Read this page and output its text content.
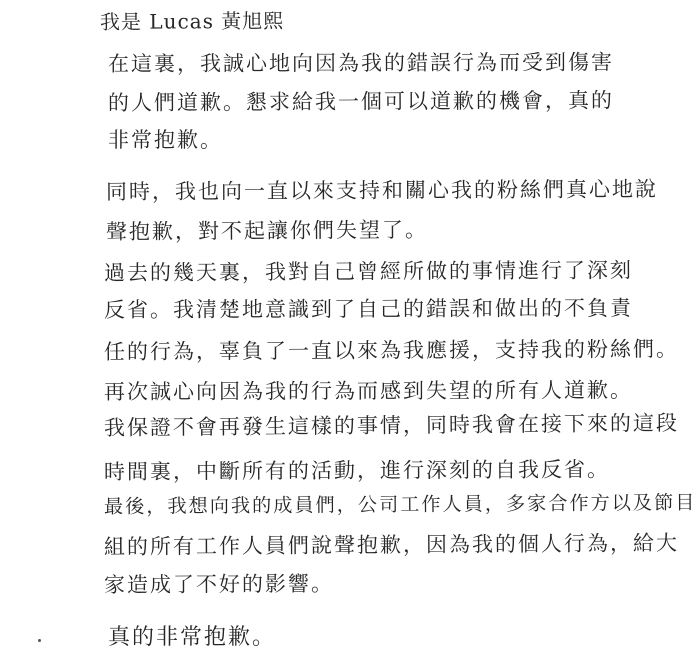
我是 Lucas 黃旭熙
在這裏，我誠心地向因為我的錯誤行為而受到傷害
的人們道歉。懇求給我一個可以道歉的機會，真的
非常抱歉。
同時，我也向一直以來支持和關心我的粉絲們真心地說
聲抱歉，對不起讓你們失望了。
過去的幾天裏，我對自己曾經所做的事情進行了深刻
反省。我清楚地意識到了自己的錯誤和做出的不負責
任的行為，辜負了一直以來為我應援，支持我的粉絲們。
再次誠心向因為我的行為而感到失望的所有人道歉。
我保證不會再發生這樣的事情，同時我會在接下來的這段
時間裏，中斷所有的活動，進行深刻的自我反省。
最後，我想向我的成員們，公司工作人員，多家合作方以及節目
組的所有工作人員們說聲抱歉，因為我的個人行為，給大
家造成了不好的影響。
真的非常抱歉。
